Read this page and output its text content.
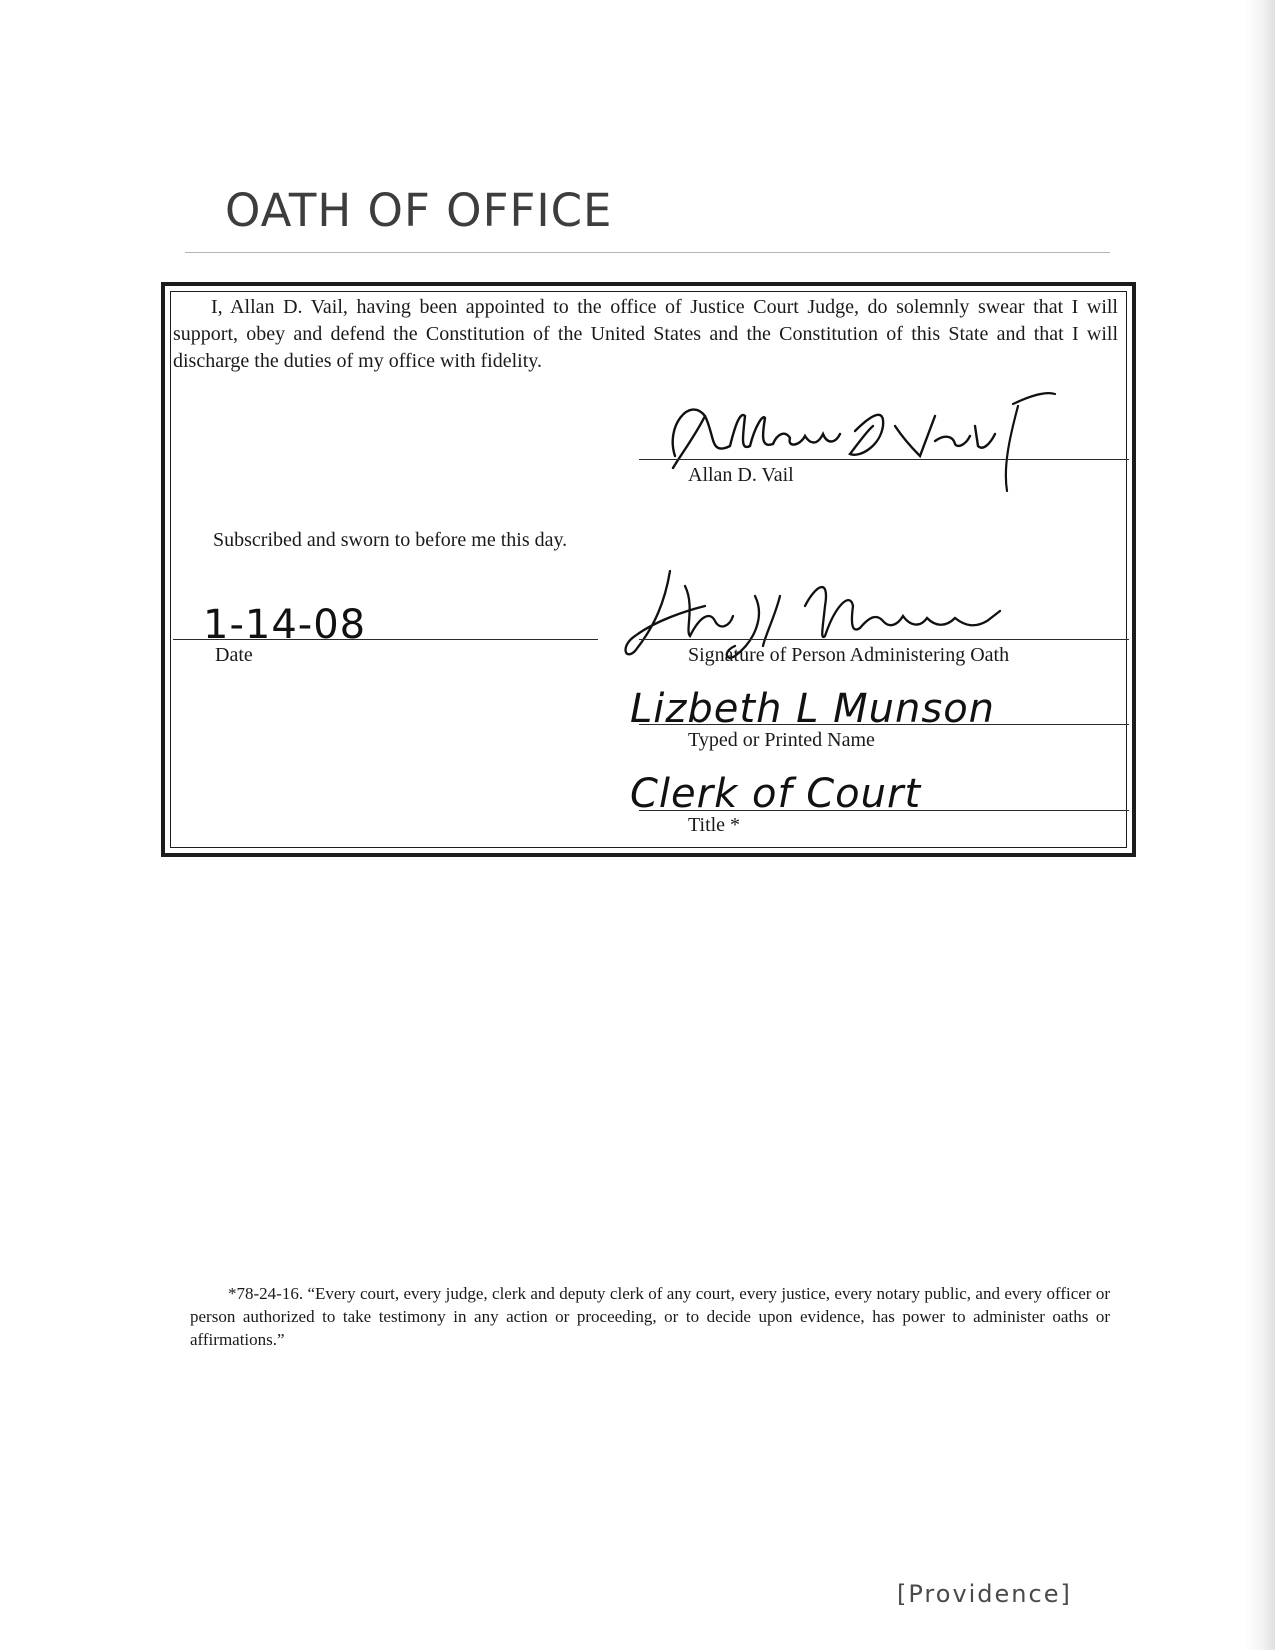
OATH OF OFFICE

I, Allan D. Vail, having been appointed to the office of Justice Court Judge, do solemnly swear that I will support, obey and defend the Constitution of the United States and the Constitution of this State and that I will discharge the duties of my office with fidelity.

Allan D. Vail
Subscribed and sworn to before me this day.
1-14-08
Date	Signature of Person Administering Oath
Lizbeth L Munson
Typed or Printed Name
Clerk of Court
Title *

*78-24-16. “Every court, every judge, clerk and deputy clerk of any court, every justice, every notary public, and every officer or person authorized to take testimony in any action or proceeding, or to decide upon evidence, has power to administer oaths or affirmations.”

[Providence]
